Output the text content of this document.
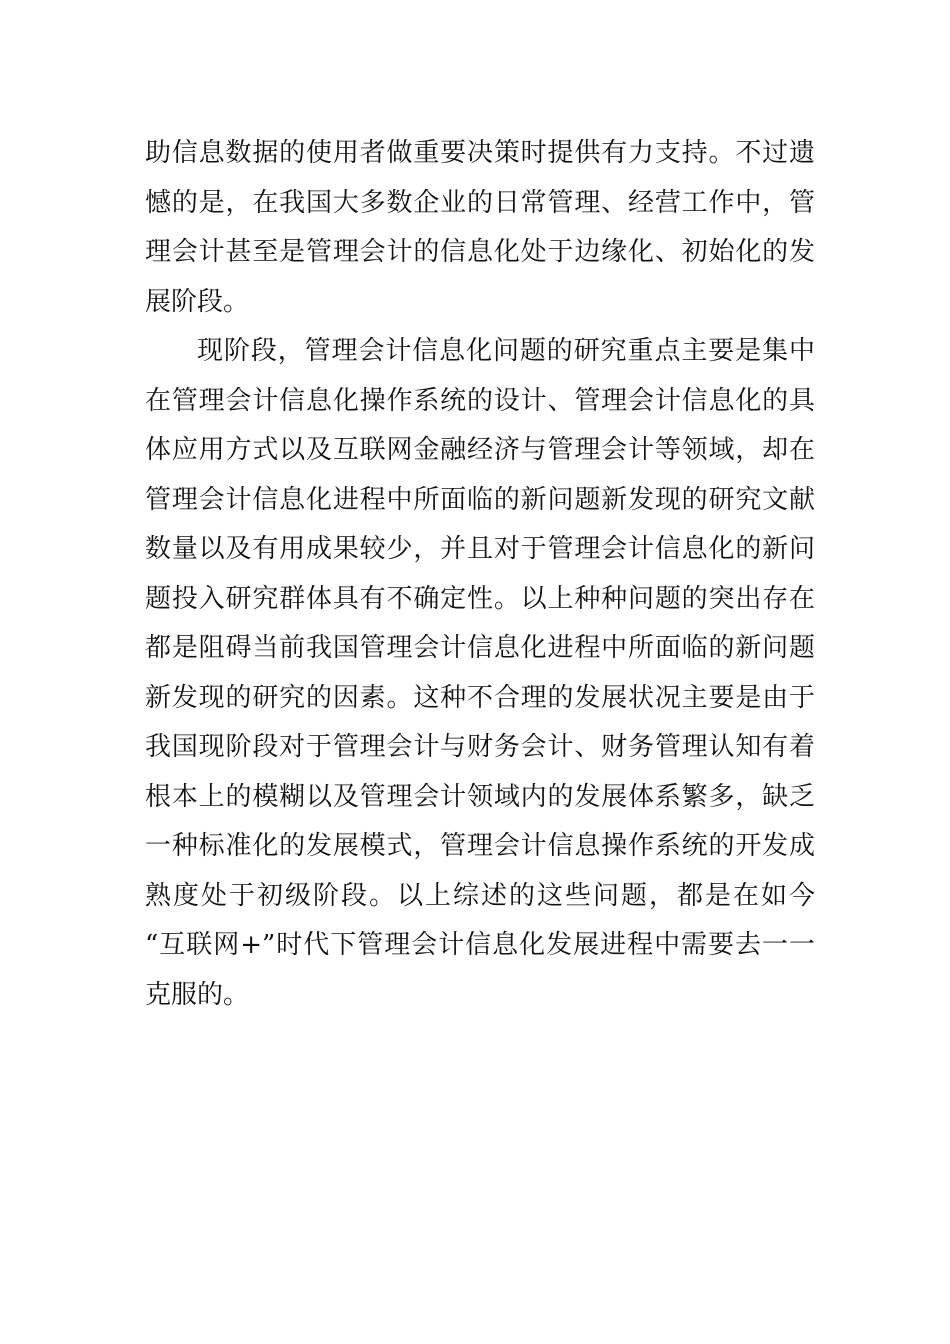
助信息数据的使用者做重要决策时提供有力支持。不过遗
憾的是，在我国大多数企业的日常管理、经营工作中，管
理会计甚至是管理会计的信息化处于边缘化、初始化的发
展阶段。
现阶段，管理会计信息化问题的研究重点主要是集中
在管理会计信息化操作系统的设计、管理会计信息化的具
体应用方式以及互联网金融经济与管理会计等领域，却在
管理会计信息化进程中所面临的新问题新发现的研究文献
数量以及有用成果较少，并且对于管理会计信息化的新问
题投入研究群体具有不确定性。以上种种问题的突出存在
都是阻碍当前我国管理会计信息化进程中所面临的新问题
新发现的研究的因素。这种不合理的发展状况主要是由于
我国现阶段对于管理会计与财务会计、财务管理认知有着
根本上的模糊以及管理会计领域内的发展体系繁多，缺乏
一种标准化的发展模式，管理会计信息操作系统的开发成
熟度处于初级阶段。以上综述的这些问题，都是在如今
“互联网+”时代下管理会计信息化发展进程中需要去一一
克服的。
